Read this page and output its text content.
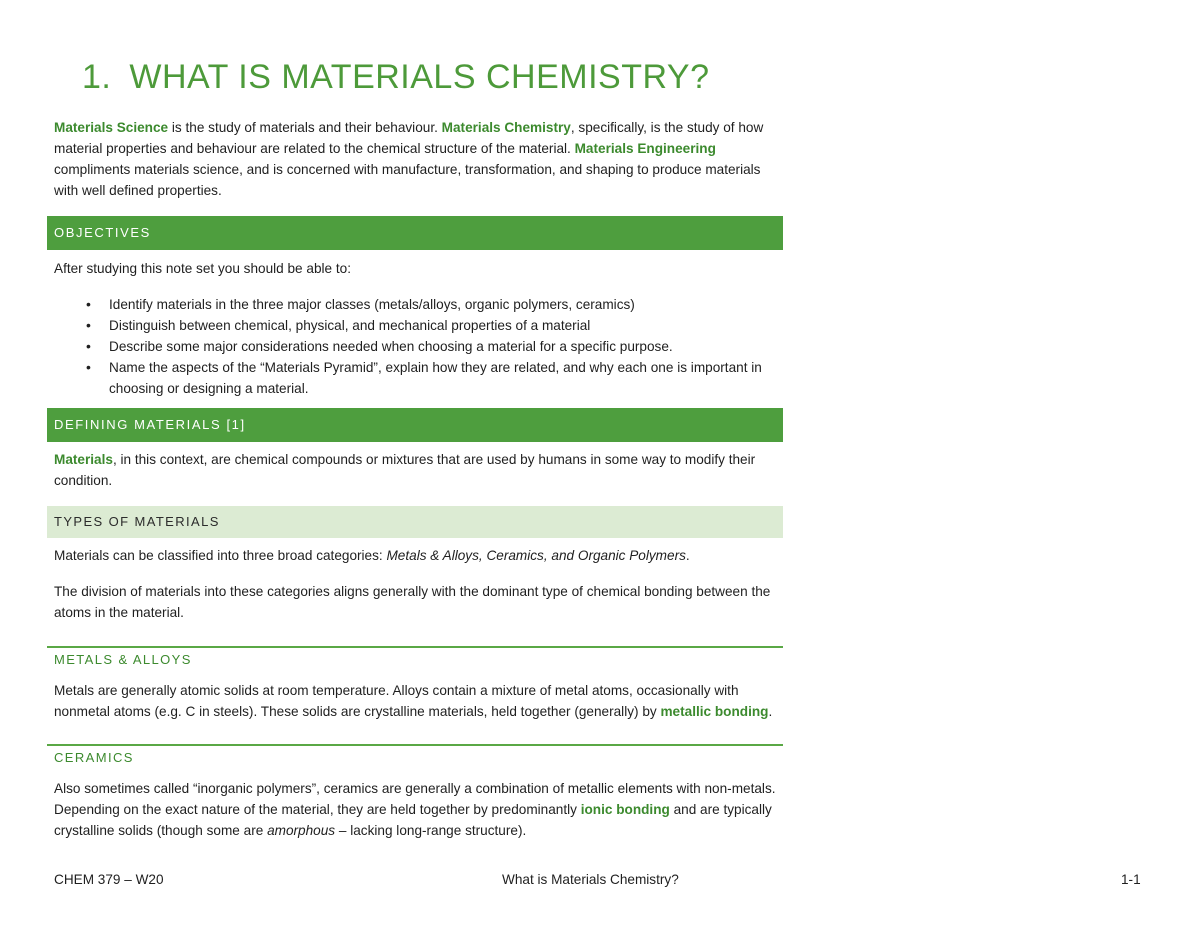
1. WHAT IS MATERIALS CHEMISTRY?
Materials Science is the study of materials and their behaviour. Materials Chemistry, specifically, is the study of how material properties and behaviour are related to the chemical structure of the material. Materials Engineering compliments materials science, and is concerned with manufacture, transformation, and shaping to produce materials with well defined properties.
OBJECTIVES
After studying this note set you should be able to:
• Identify materials in the three major classes (metals/alloys, organic polymers, ceramics)
• Distinguish between chemical, physical, and mechanical properties of a material
• Describe some major considerations needed when choosing a material for a specific purpose.
• Name the aspects of the “Materials Pyramid”, explain how they are related, and why each one is important in choosing or designing a material.
DEFINING MATERIALS [1]
Materials, in this context, are chemical compounds or mixtures that are used by humans in some way to modify their condition.
TYPES OF MATERIALS
Materials can be classified into three broad categories: Metals & Alloys, Ceramics, and Organic Polymers.
The division of materials into these categories aligns generally with the dominant type of chemical bonding between the atoms in the material.
METALS & ALLOYS
Metals are generally atomic solids at room temperature. Alloys contain a mixture of metal atoms, occasionally with nonmetal atoms (e.g. C in steels). These solids are crystalline materials, held together (generally) by metallic bonding.
CERAMICS
Also sometimes called “inorganic polymers”, ceramics are generally a combination of metallic elements with non-metals. Depending on the exact nature of the material, they are held together by predominantly ionic bonding and are typically crystalline solids (though some are amorphous – lacking long-range structure).
CHEM 379 – W20	What is Materials Chemistry?	1-1
